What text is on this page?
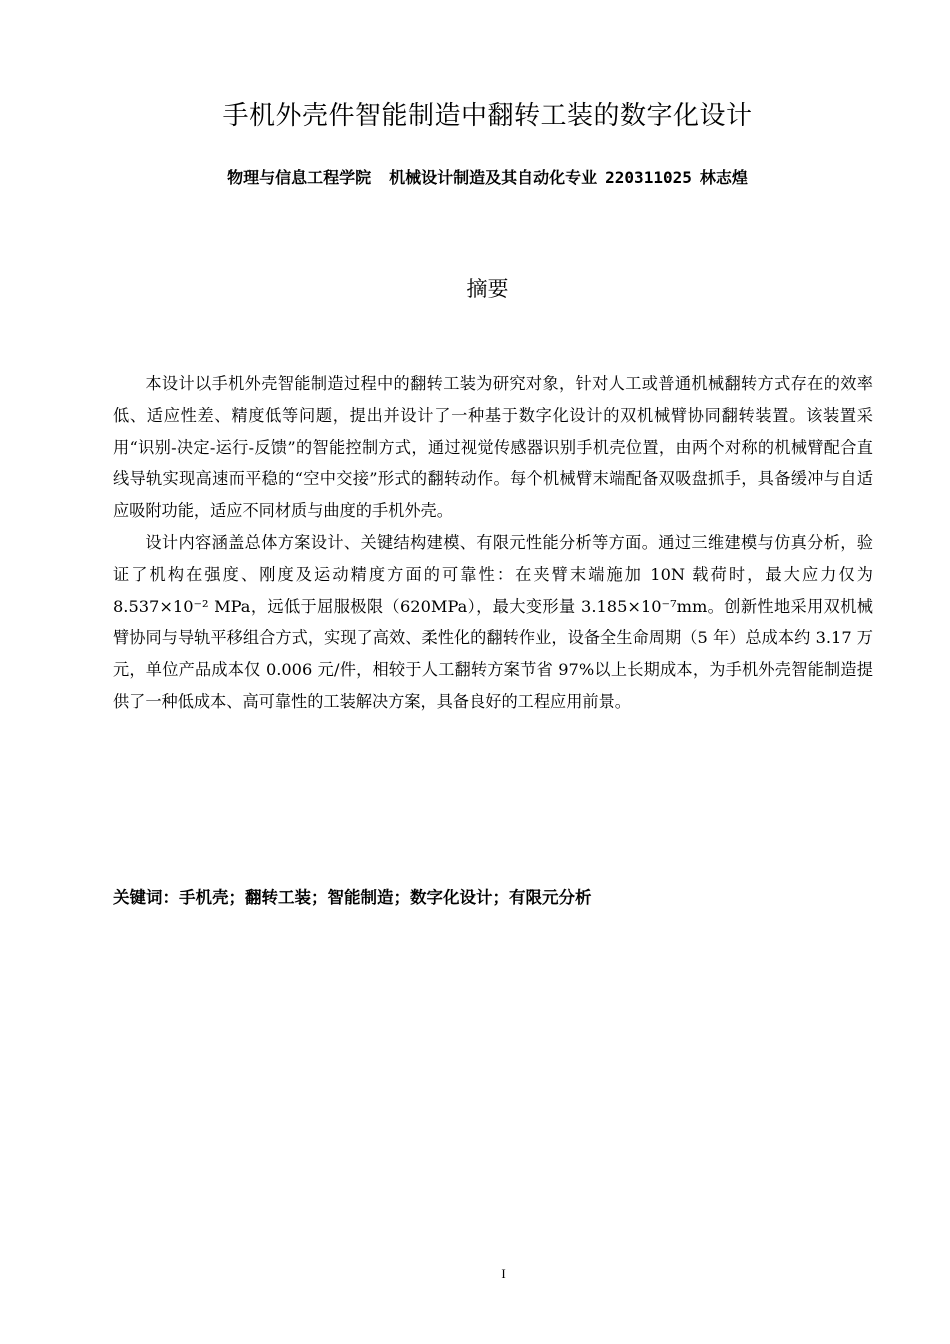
手机外壳件智能制造中翻转工装的数字化设计
物理与信息工程学院 机械设计制造及其自动化专业 220311025 林志煌
摘要

本设计以手机外壳智能制造过程中的翻转工装为研究对象，针对人工或普通机械翻转方式存在的效率低、适应性差、精度低等问题，提出并设计了一种基于数字化设计的双机械臂协同翻转装置。该装置采用“识别-决定-运行-反馈”的智能控制方式，通过视觉传感器识别手机壳位置，由两个对称的机械臂配合直线导轨实现高速而平稳的“空中交接”形式的翻转动作。每个机械臂末端配备双吸盘抓手，具备缓冲与自适应吸附功能，适应不同材质与曲度的手机外壳。

设计内容涵盖总体方案设计、关键结构建模、有限元性能分析等方面。通过三维建模与仿真分析，验证了机构在强度、刚度及运动精度方面的可靠性：在夹臂末端施加 10N 载荷时，最大应力仅为 8.537×10⁻² MPa，远低于屈服极限（620MPa），最大变形量 3.185×10⁻⁷mm。创新性地采用双机械臂协同与导轨平移组合方式，实现了高效、柔性化的翻转作业，设备全生命周期（5 年）总成本约 3.17 万元，单位产品成本仅 0.006 元/件，相较于人工翻转方案节省 97%以上长期成本，为手机外壳智能制造提供了一种低成本、高可靠性的工装解决方案，具备良好的工程应用前景。

关键词：手机壳；翻转工装；智能制造；数字化设计；有限元分析
I
